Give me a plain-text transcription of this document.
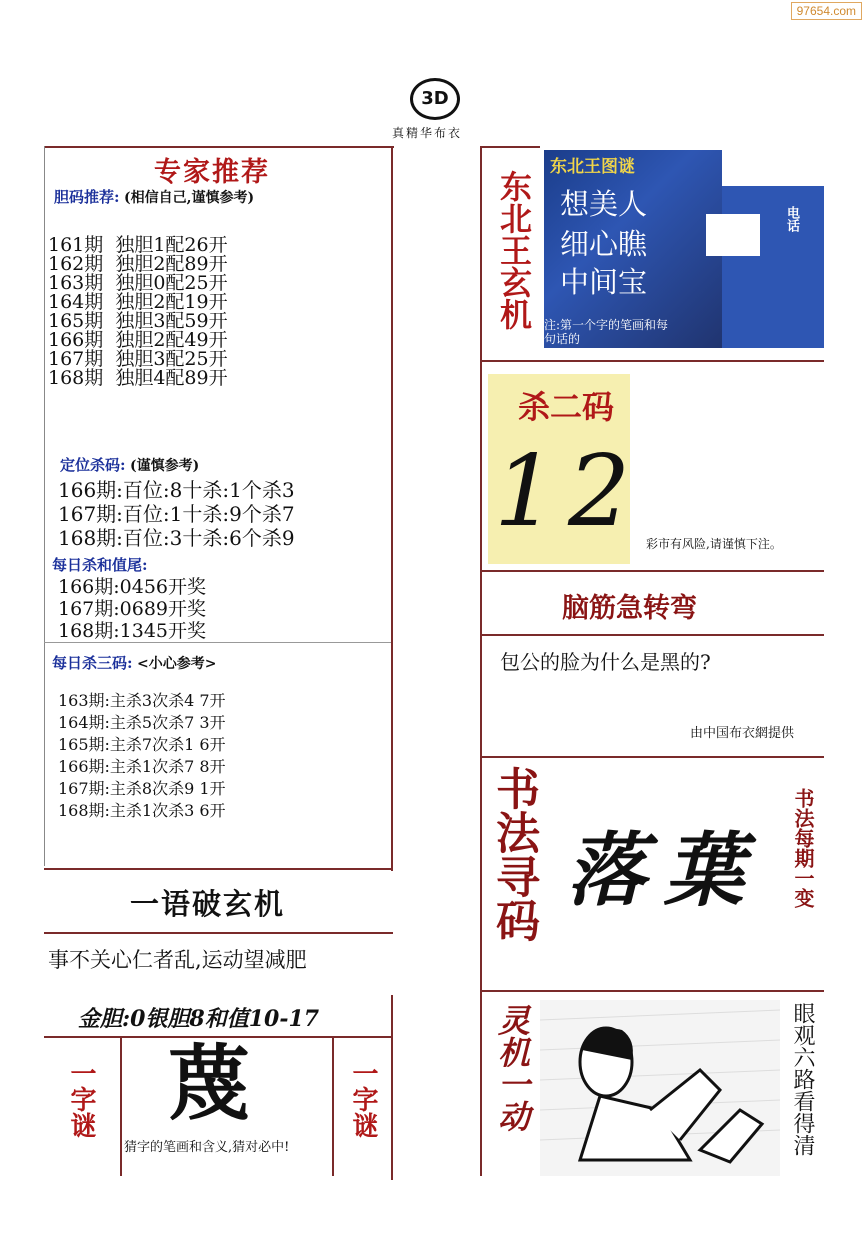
97654.com
3D
真精华布衣
专家推荐
胆码推荐: (相信自己,谨慎参考)
161期  独胆1配26开
162期  独胆2配89开
163期  独胆0配25开
164期  独胆2配19开
165期  独胆3配59开
166期  独胆2配49开
167期  独胆3配25开
168期  独胆4配89开
定位杀码: (谨慎参考)
166期:百位:8十杀:1个杀3
167期:百位:1十杀:9个杀7
168期:百位:3十杀:6个杀9
每日杀和值尾:
166期:0456开奖
167期:0689开奖
168期:1345开奖
每日杀三码: <小心参考>
163期:主杀3次杀4 7开
164期:主杀5次杀7 3开
165期:主杀7次杀1 6开
166期:主杀1次杀7 8开
167期:主杀8次杀9 1开
168期:主杀1次杀3 6开
一语破玄机
事不关心仁者乱,运动望减肥
金胆:0银胆8和值10-17
一字谜	一字谜
蔑
猜字的笔画和含义,猜对必中!
东北王玄机
东北王图谜
想美人
细心瞧
中间宝
注:第一个字的笔画和每句话的
电话
杀二码
1 2 彩市有风险,请谨慎下注。
脑筋急转弯
包公的脸为什么是黑的?
由中国布衣網提供
书法寻码 落葉 书法每期一变
灵机一动	眼观六路看得清
